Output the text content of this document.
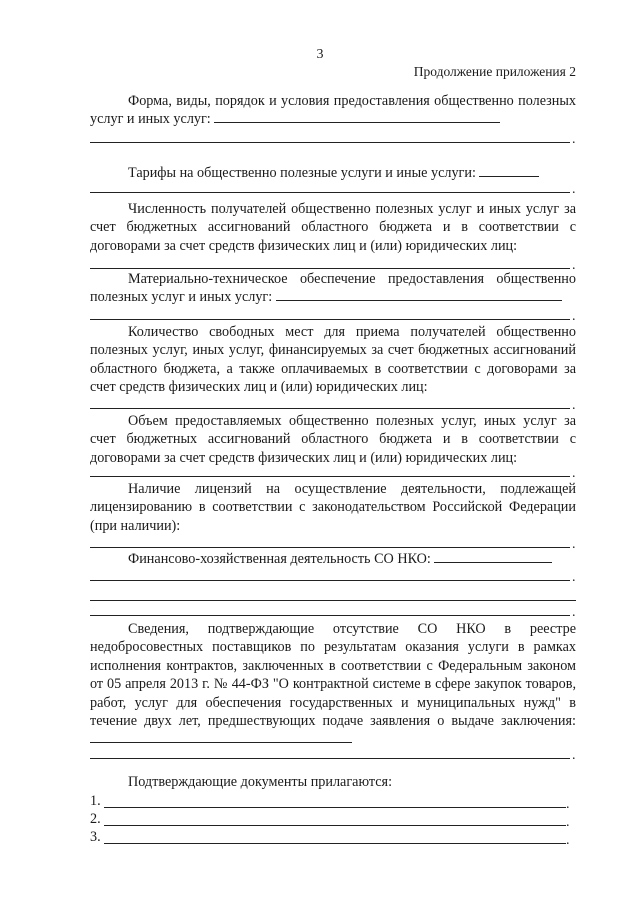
3
Продолжение приложения 2

Форма, виды, порядок и условия предоставления общественно полезных услуг и иных услуг:

.

Тарифы на общественно полезные услуги и иные услуги:

.

Численность получателей общественно полезных услуг и иных услуг за счет бюджетных ассигнований областного бюджета и в соответствии с договорами за счет средств физических лиц и (или) юридических лиц:

.

Материально-техническое обеспечение предоставления общественно полезных услуг и иных услуг:

.

Количество свободных мест для приема получателей общественно полезных услуг, иных услуг, финансируемых за счет бюджетных ассигнований областного бюджета, а также оплачиваемых в соответствии с договорами за счет средств физических лиц и (или) юридических лиц:

.

Объем предоставляемых общественно полезных услуг, иных услуг за счет бюджетных ассигнований областного бюджета и в соответствии с договорами за счет средств физических лиц и (или) юридических лиц:

.

Наличие лицензий на осуществление деятельности, подлежащей лицензированию в соответствии с законодательством Российской Федерации (при наличии):

.

Финансово-хозяйственная деятельность СО НКО:

.
.

Сведения, подтверждающие отсутствие СО НКО в реестре недобросовестных поставщиков по результатам оказания услуги в рамках исполнения контрактов, заключенных в соответствии с Федеральным законом от 05 апреля 2013 г. № 44-ФЗ "О контрактной системе в сфере закупок товаров, работ, услуг для обеспечения государственных и муниципальных нужд" в течение двух лет, предшествующих подаче заявления о выдаче заключения:

.

Подтверждающие документы прилагаются:

1.	.
2.	.
3.	.
